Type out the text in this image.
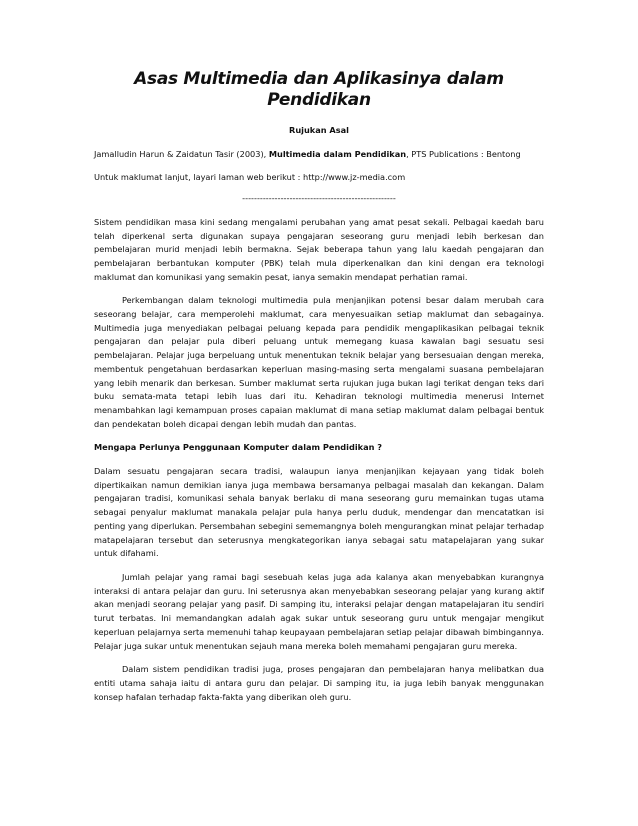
Asas Multimedia dan Aplikasinya dalam Pendidikan
Rujukan Asal

Jamalludin Harun & Zaidatun Tasir (2003), Multimedia dalam Pendidikan, PTS Publications : Bentong

Untuk maklumat lanjut, layari laman web berikut : http://www.jz-media.com

----------------------------------------------------

Sistem pendidikan masa kini sedang mengalami perubahan yang amat pesat sekali. Pelbagai kaedah baru telah diperkenal serta digunakan supaya pengajaran seseorang guru menjadi lebih berkesan dan pembelajaran murid menjadi lebih bermakna. Sejak beberapa tahun yang lalu kaedah pengajaran dan pembelajaran berbantukan komputer (PBK) telah mula diperkenalkan dan kini dengan era teknologi maklumat dan komunikasi yang semakin pesat, ianya semakin mendapat perhatian ramai.

Perkembangan dalam teknologi multimedia pula menjanjikan potensi besar dalam merubah cara seseorang belajar, cara memperolehi maklumat, cara menyesuaikan setiap maklumat dan sebagainya. Multimedia juga menyediakan pelbagai peluang kepada para pendidik mengaplikasikan pelbagai teknik pengajaran dan pelajar pula diberi peluang untuk memegang kuasa kawalan bagi sesuatu sesi pembelajaran. Pelajar juga berpeluang untuk menentukan teknik belajar yang bersesuaian dengan mereka, membentuk pengetahuan berdasarkan keperluan masing-masing serta mengalami suasana pembelajaran yang lebih menarik dan berkesan. Sumber maklumat serta rujukan juga bukan lagi terikat dengan teks dari buku semata-mata tetapi lebih luas dari itu. Kehadiran teknologi multimedia menerusi Internet menambahkan lagi kemampuan proses capaian maklumat di mana setiap maklumat dalam pelbagai bentuk dan pendekatan boleh dicapai dengan lebih mudah dan pantas.

Mengapa Perlunya Penggunaan Komputer dalam Pendidikan ?

Dalam sesuatu pengajaran secara tradisi, walaupun ianya menjanjikan kejayaan yang tidak boleh dipertikaikan namun demikian ianya juga membawa bersamanya pelbagai masalah dan kekangan. Dalam pengajaran tradisi, komunikasi sehala banyak berlaku di mana seseorang guru memainkan tugas utama sebagai penyalur maklumat manakala pelajar pula hanya perlu duduk, mendengar dan mencatatkan isi penting yang diperlukan. Persembahan sebegini sememangnya boleh mengurangkan minat pelajar terhadap matapelajaran tersebut dan seterusnya mengkategorikan ianya sebagai satu matapelajaran yang sukar untuk difahami.

Jumlah pelajar yang ramai bagi sesebuah kelas juga ada kalanya akan menyebabkan kurangnya interaksi di antara pelajar dan guru. Ini seterusnya akan menyebabkan seseorang pelajar yang kurang aktif akan menjadi seorang pelajar yang pasif. Di samping itu, interaksi pelajar dengan matapelajaran itu sendiri turut terbatas. Ini memandangkan adalah agak sukar untuk seseorang guru untuk mengajar mengikut keperluan pelajarnya serta memenuhi tahap keupayaan pembelajaran setiap pelajar dibawah bimbingannya. Pelajar juga sukar untuk menentukan sejauh mana mereka boleh memahami pengajaran guru mereka.

Dalam sistem pendidikan tradisi juga, proses pengajaran dan pembelajaran hanya melibatkan dua entiti utama sahaja iaitu di antara guru dan pelajar. Di samping itu, ia juga lebih banyak menggunakan konsep hafalan terhadap fakta-fakta yang diberikan oleh guru.
